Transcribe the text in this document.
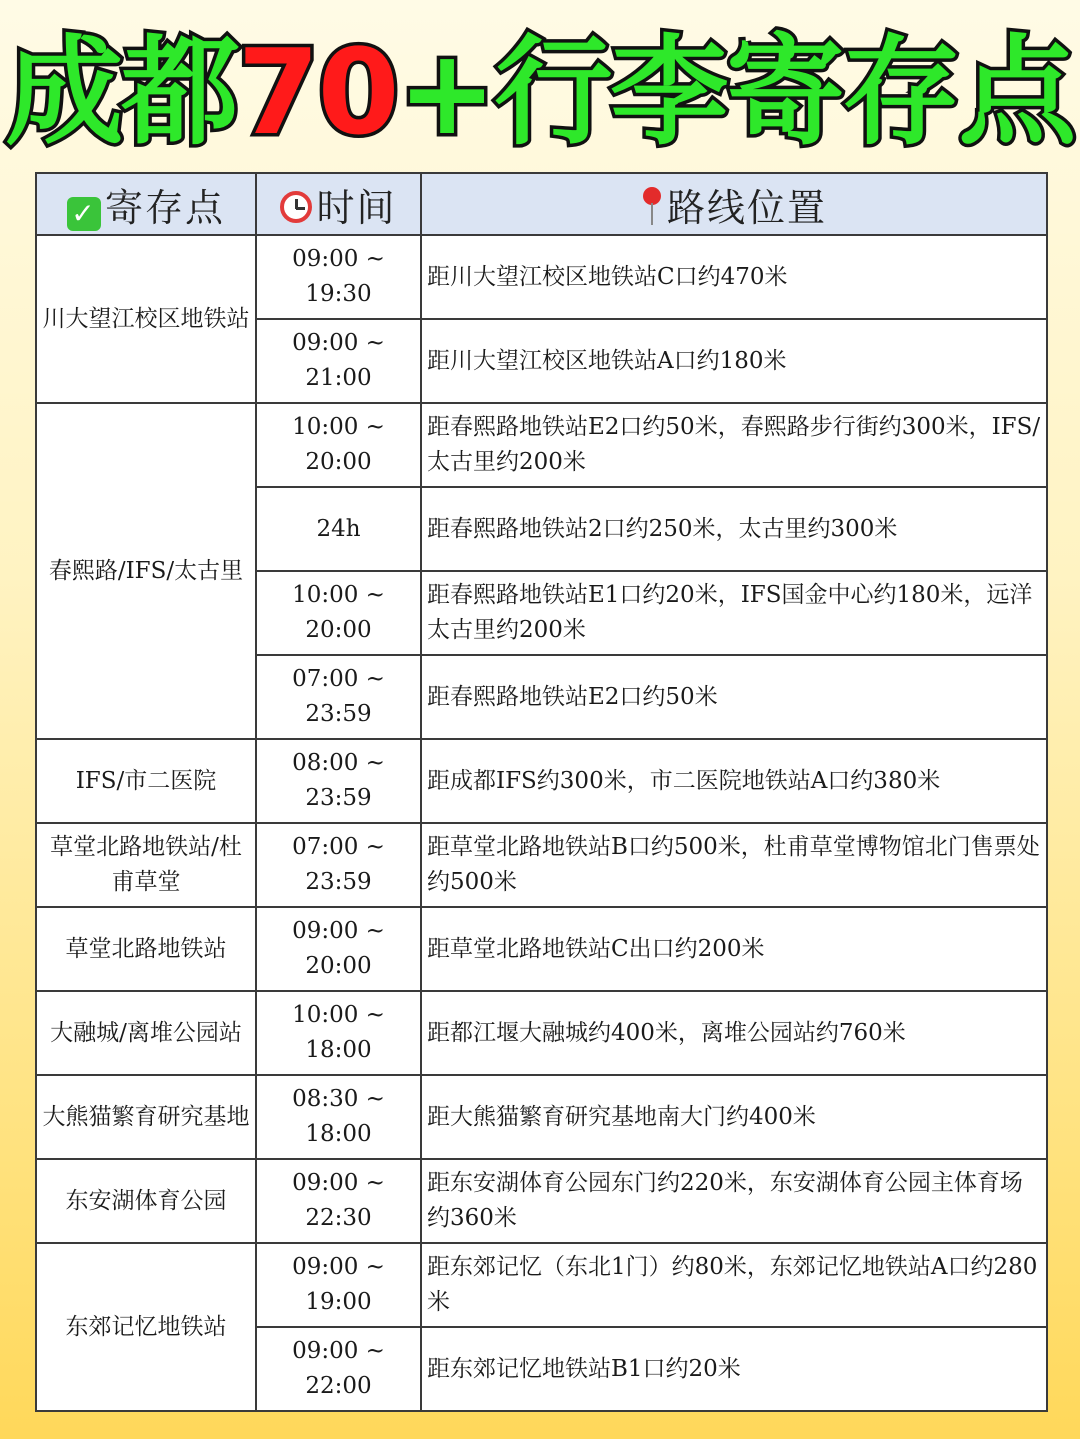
成都70+行李寄存点
✓ 寄存点	时间	路线位置
川大望江校区地铁站	09:00 ~ 19:30	距川大望江校区地铁站C口约470米
	09:00 ~ 21:00	距川大望江校区地铁站A口约180米
春熙路/IFS/太古里	10:00 ~ 20:00	距春熙路地铁站E2口约50米，春熙路步行街约300米，IFS/太古里约200米
	24h	距春熙路地铁站2口约250米，太古里约300米
	10:00 ~ 20:00	距春熙路地铁站E1口约20米，IFS国金中心约180米，远洋太古里约200米
	07:00 ~ 23:59	距春熙路地铁站E2口约50米
IFS/市二医院	08:00 ~ 23:59	距成都IFS约300米，市二医院地铁站A口约380米
草堂北路地铁站/杜甫草堂	07:00 ~ 23:59	距草堂北路地铁站B口约500米，杜甫草堂博物馆北门售票处约500米
草堂北路地铁站	09:00 ~ 20:00	距草堂北路地铁站C出口约200米
大融城/离堆公园站	10:00 ~ 18:00	距都江堰大融城约400米，离堆公园站约760米
大熊猫繁育研究基地	08:30 ~ 18:00	距大熊猫繁育研究基地南大门约400米
东安湖体育公园	09:00 ~ 22:30	距东安湖体育公园东门约220米，东安湖体育公园主体育场约360米
东郊记忆地铁站	09:00 ~ 19:00	距东郊记忆（东北1门）约80米，东郊记忆地铁站A口约280米
	09:00 ~ 22:00	距东郊记忆地铁站B1口约20米
